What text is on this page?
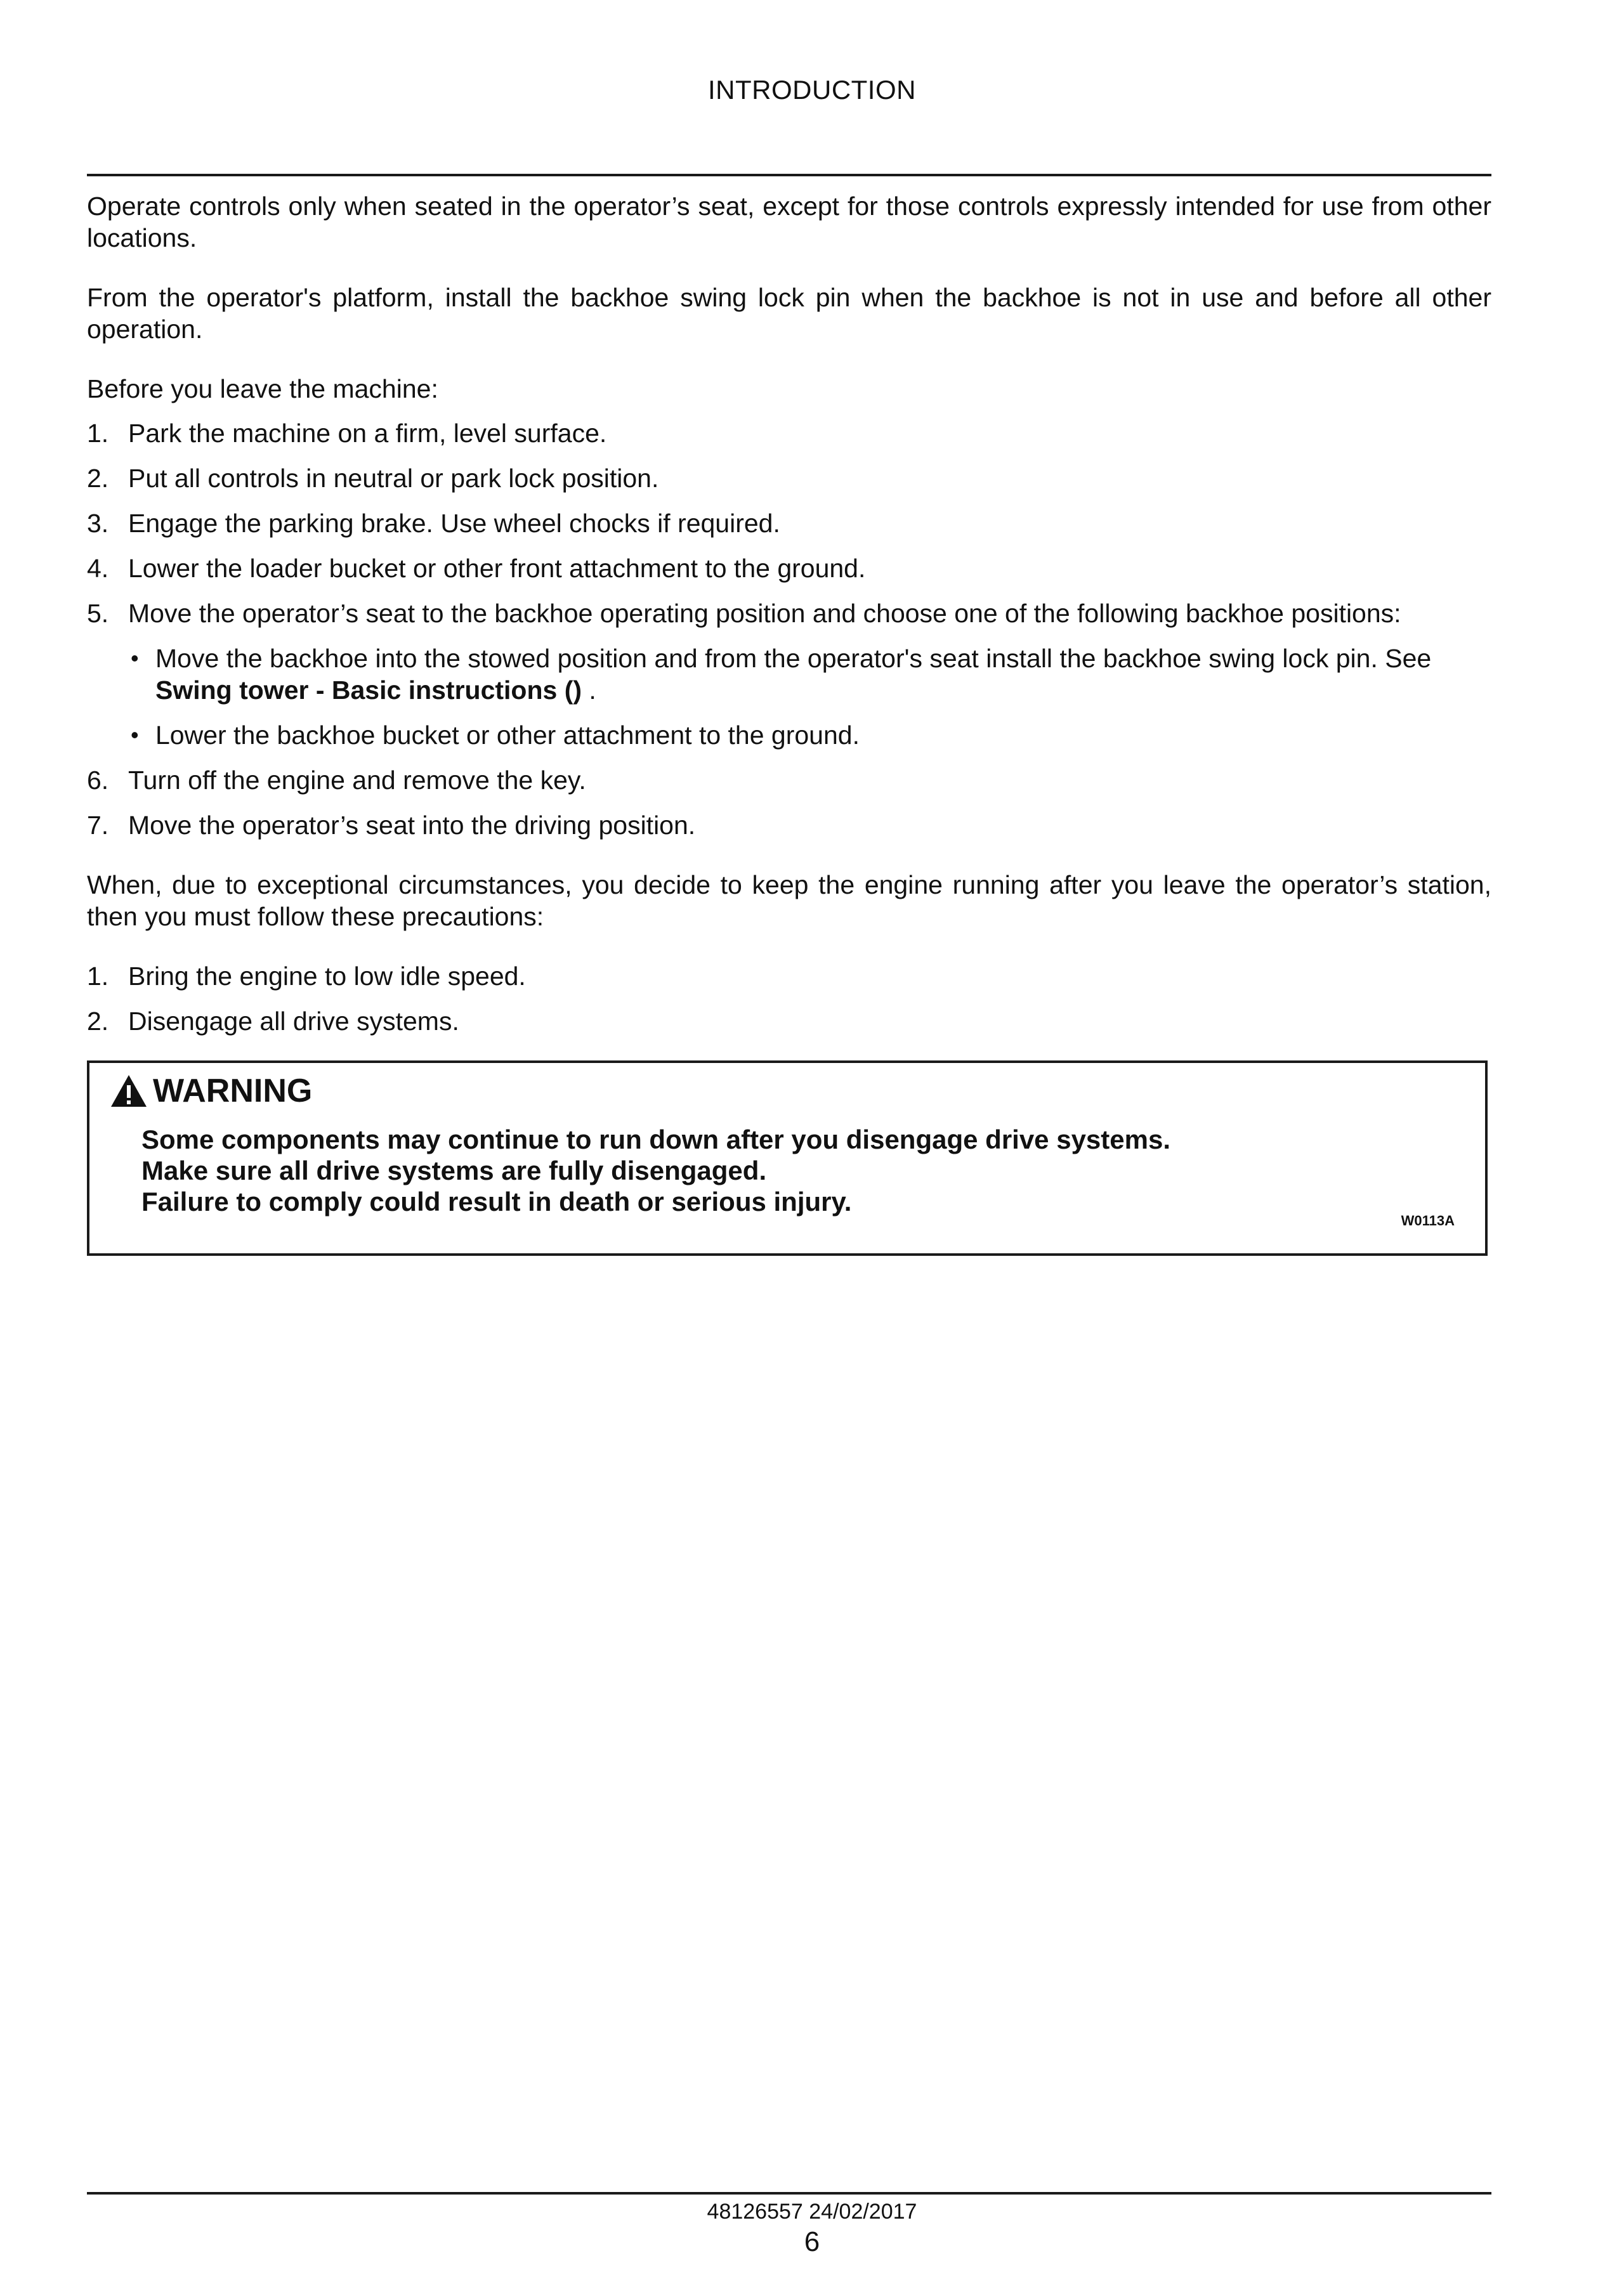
INTRODUCTION

Operate controls only when seated in the operator’s seat, except for those controls expressly intended for use from other locations.

From the operator's platform, install the backhoe swing lock pin when the backhoe is not in use and before all other operation.

Before you leave the machine:

1. Park the machine on a firm, level surface.
2. Put all controls in neutral or park lock position.
3. Engage the parking brake. Use wheel chocks if required.
4. Lower the loader bucket or other front attachment to the ground.
5. Move the operator’s seat to the backhoe operating position and choose one of the following backhoe positions:
• Move the backhoe into the stowed position and from the operator's seat install the backhoe swing lock pin. See Swing tower - Basic instructions () .
• Lower the backhoe bucket or other attachment to the ground.
6. Turn off the engine and remove the key.
7. Move the operator’s seat into the driving position.

When, due to exceptional circumstances, you decide to keep the engine running after you leave the operator’s station, then you must follow these precautions:

1. Bring the engine to low idle speed.
2. Disengage all drive systems.
WARNING
Some components may continue to run down after you disengage drive systems.
Make sure all drive systems are fully disengaged.
Failure to comply could result in death or serious injury.
W0113A
48126557 24/02/2017
6
